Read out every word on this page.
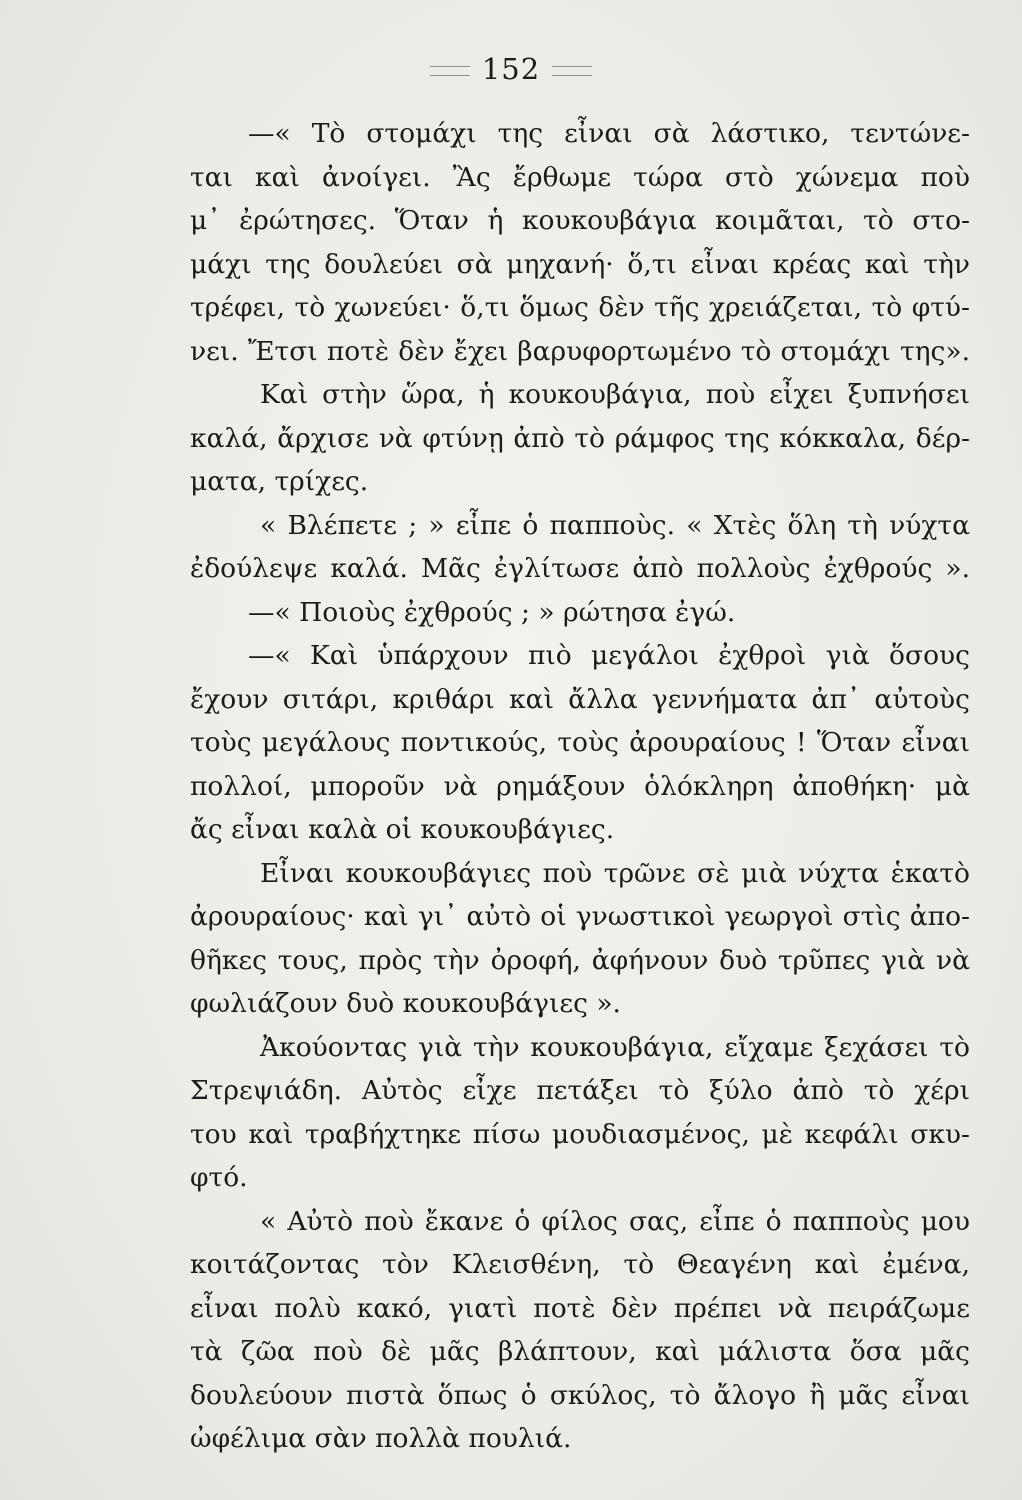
152
—« Τὸ στομάχι της εἶναι σὰ λάστικο, τεντώνε-
ται καὶ ἀνοίγει. Ἂς ἔρθωμε τώρα στὸ χώνεμα ποὺ
μ᾿ ἐρώτησες. Ὅταν ἡ κουκουβάγια κοιμᾶται, τὸ στο-
μάχι της δουλεύει σὰ μηχανή· ὅ,τι εἶναι κρέας καὶ τὴν
τρέφει, τὸ χωνεύει· ὅ,τι ὅμως δὲν τῆς χρειάζεται, τὸ φτύ-
νει. Ἔτσι ποτὲ δὲν ἔχει βαρυφορτωμένο τὸ στομάχι της».
Καὶ στὴν ὥρα, ἡ κουκουβάγια, ποὺ εἶχει ξυπνήσει
καλά, ἄρχισε νὰ φτύνῃ ἀπὸ τὸ ράμφος της κόκκαλα, δέρ-
ματα, τρίχες.
« Βλέπετε ; » εἶπε ὁ παπποὺς. « Χτὲς ὅλη τὴ νύχτα
ἐδούλεψε καλά. Μᾶς ἐγλίτωσε ἀπὸ πολλοὺς ἐχθρούς ».
—« Ποιοὺς ἐχθρούς ; » ρώτησα ἐγώ.
—« Καὶ ὑπάρχουν πιὸ μεγάλοι ἐχθροὶ γιὰ ὅσους
ἔχουν σιτάρι, κριθάρι καὶ ἄλλα γεννήματα ἀπ᾿ αὐτοὺς
τοὺς μεγάλους ποντικούς, τοὺς ἀρουραίους ! Ὅταν εἶναι
πολλοί, μποροῦν νὰ ρημάξουν ὁλόκληρη ἀποθήκη· μὰ
ἄς εἶναι καλὰ οἱ κουκουβάγιες.
Εἶναι κουκουβάγιες ποὺ τρῶνε σὲ μιὰ νύχτα ἑκατὸ
ἀρουραίους· καὶ γι᾿ αὐτὸ οἱ γνωστικοὶ γεωργοὶ στὶς ἀπο-
θῆκες τους, πρὸς τὴν ὀροφή, ἀφήνουν δυὸ τρῦπες γιὰ νὰ
φωλιάζουν δυὸ κουκουβάγιες ».
Ἀκούοντας γιὰ τὴν κουκουβάγια, εἴχαμε ξεχάσει τὸ
Στρεψιάδη. Αὐτὸς εἶχε πετάξει τὸ ξύλο ἀπὸ τὸ χέρι
του καὶ τραβήχτηκε πίσω μουδιασμένος, μὲ κεφάλι σκυ-
φτό.
« Αὐτὸ ποὺ ἔκανε ὁ φίλος σας, εἶπε ὁ παπποὺς μου
κοιτάζοντας τὸν Κλεισθένη, τὸ Θεαγένη καὶ ἐμένα,
εἶναι πολὺ κακό, γιατὶ ποτὲ δὲν πρέπει νὰ πειράζωμε
τὰ ζῶα ποὺ δὲ μᾶς βλάπτουν, καὶ μάλιστα ὅσα μᾶς
δουλεύουν πιστὰ ὅπως ὁ σκύλος, τὸ ἄλογο ἢ μᾶς εἶναι
ὠφέλιμα σὰν πολλὰ πουλιά.
